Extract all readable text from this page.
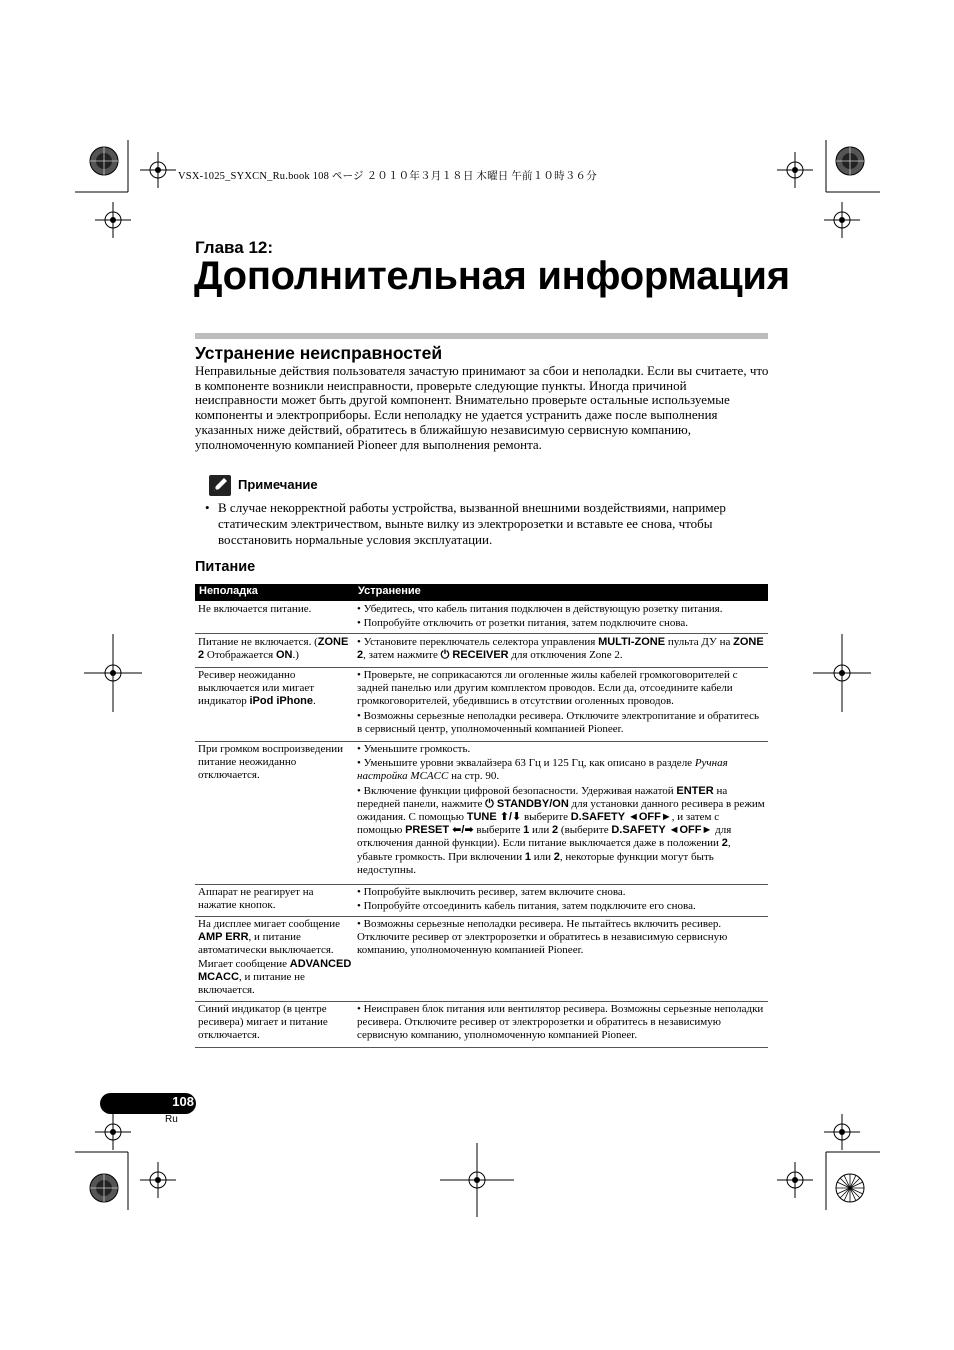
VSX-1025_SYXCN_Ru.book 108 ページ ２０１０年３月１８日 木曜日 午前１０時３６分
Глава 12:
Дополнительная информация
Устранение неисправностей
Неправильные действия пользователя зачастую принимают за сбои и неполадки. Если вы считаете, что в компоненте возникли неисправности, проверьте следующие пункты. Иногда причиной неисправности может быть другой компонент. Внимательно проверьте остальные используемые компоненты и электроприборы. Если неполадку не удается устранить даже после выполнения указанных ниже действий, обратитесь в ближайшую независимую сервисную компанию, уполномоченную компанией Pioneer для выполнения ремонта.
Примечание
• В случае некорректной работы устройства, вызванной внешними воздействиями, например статическим электричеством, выньте вилку из электророзетки и вставьте ее снова, чтобы восстановить нормальные условия эксплуатации.
Питание
Неполадка	Устранение
Не включается питание.	• Убедитесь, что кабель питания подключен в действующую розетку питания.

• Попробуйте отключить от розетки питания, затем подключите снова.

Питание не включается. (ZONE 2 Отображается ON.)

• Установите переключатель селектора управления MULTI-ZONE пульта ДУ на ZONE 2, затем нажмите ⏻ RECEIVER для отключения Zone 2.

Ресивер неожиданно выключается или мигает индикатор iPod iPhone.

• Проверьте, не соприкасаются ли оголенные жилы кабелей громкоговорителей с задней панелью или другим комплектом проводов. Если да, отсоедините кабели громкоговорителей, убедившись в отсутствии оголенных проводов.

• Возможны серьезные неполадки ресивера. Отключите электропитание и обратитесь в сервисный центр, уполномоченный компанией Pioneer.

При громком воспроизведении питание неожиданно отключается.

• Уменьшите громкость.

• Уменьшите уровни эквалайзера 63 Гц и 125 Гц, как описано в разделе Ручная настройка MCACC на стр. 90.

• Включение функции цифровой безопасности. Удерживая нажатой ENTER на передней панели, нажмите ⏻ STANDBY/ON для установки данного ресивера в режим ожидания. С помощью TUNE ⬆/⬇ выберите D.SAFETY ◄OFF►, и затем с помощью PRESET ⬅/➡ выберите 1 или 2 (выберите D.SAFETY ◄OFF► для отключения данной функции). Если питание выключается даже в положении 2, убавьте громкость. При включении 1 или 2, некоторые функции могут быть недоступны.

Аппарат не реагирует на нажатие кнопок.

• Попробуйте выключить ресивер, затем включите снова.

• Попробуйте отсоединить кабель питания, затем подключите его снова.

На дисплее мигает сообщение AMP ERR, и питание автоматически выключается. Мигает сообщение ADVANCED MCACC, и питание не включается.

• Возможны серьезные неполадки ресивера. Не пытайтесь включить ресивер. Отключите ресивер от электророзетки и обратитесь в независимую сервисную компанию, уполномоченную компанией Pioneer.

Синий индикатор (в центре ресивера) мигает и питание отключается.

• Неисправен блок питания или вентилятор ресивера. Возможны серьезные неполадки ресивера. Отключите ресивер от электророзетки и обратитесь в независимую сервисную компанию, уполномоченную компанией Pioneer.

108
Ru
